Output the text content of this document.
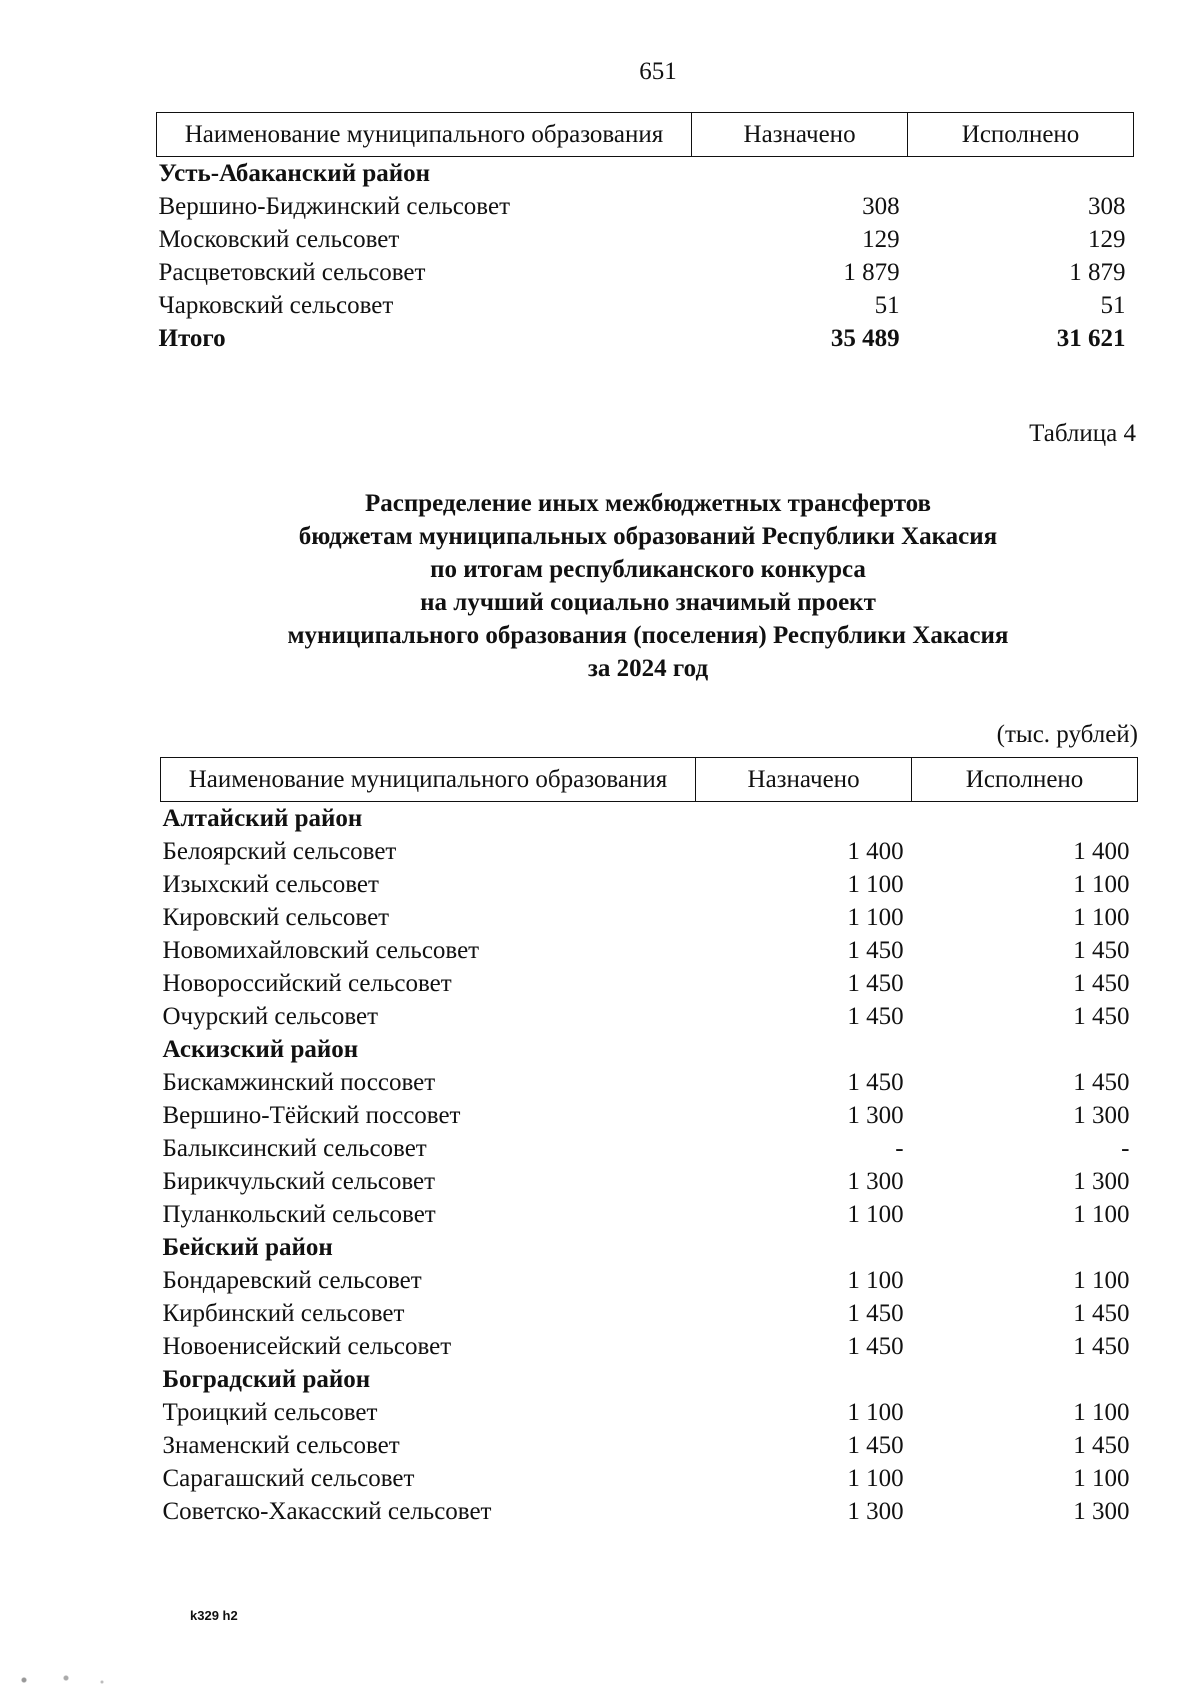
651
Наименование муниципального образования	Назначено	Исполнено
Усть-Абаканский район		
Вершино-Биджинский сельсовет	308	308
Московский сельсовет	129	129
Расцветовский сельсовет	1 879	1 879
Чарковский сельсовет	51	51
Итого	35 489	31 621
Таблица 4
Распределение иных межбюджетных трансфертов
бюджетам муниципальных образований Республики Хакасия
по итогам республиканского конкурса
на лучший социально значимый проект
муниципального образования (поселения) Республики Хакасия
за 2024 год
(тыс. рублей)
Наименование муниципального образования	Назначено	Исполнено
Алтайский район		
Белоярский сельсовет	1 400	1 400
Изыхский сельсовет	1 100	1 100
Кировский сельсовет	1 100	1 100
Новомихайловский сельсовет	1 450	1 450
Новороссийский сельсовет	1 450	1 450
Очурский сельсовет	1 450	1 450
Аскизский район		
Бискамжинский поссовет	1 450	1 450
Вершино-Тёйский поссовет	1 300	1 300
Балыксинский сельсовет	-	-
Бирикчульский сельсовет	1 300	1 300
Пуланкольский сельсовет	1 100	1 100
Бейский район		
Бондаревский сельсовет	1 100	1 100
Кирбинский сельсовет	1 450	1 450
Новоенисейский сельсовет	1 450	1 450
Боградский район		
Троицкий сельсовет	1 100	1 100
Знаменский сельсовет	1 450	1 450
Сарагашский сельсовет	1 100	1 100
Советско-Хакасский сельсовет	1 300	1 300
k329 h2
